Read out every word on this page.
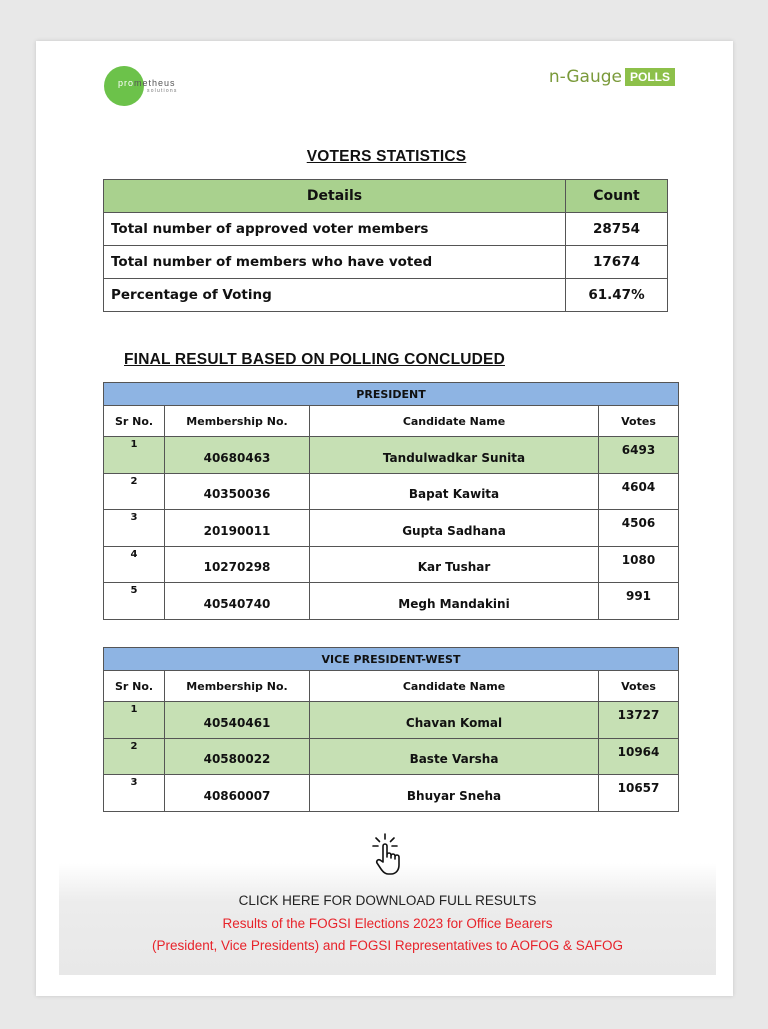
prometheus
solutions
n-Gauge POLLS
VOTERS STATISTICS
Details	Count
Total number of approved voter members	28754
Total number of members who have voted	17674
Percentage of Voting	61.47%
FINAL RESULT BASED ON POLLING CONCLUDED
PRESIDENT			
Sr No.	Membership No.	Candidate Name	Votes
1	40680463	Tandulwadkar Sunita	6493
2	40350036	Bapat Kawita	4604
3	20190011	Gupta Sadhana	4506
4	10270298	Kar Tushar	1080
5	40540740	Megh Mandakini	991
VICE PRESIDENT-WEST			
Sr No.	Membership No.	Candidate Name	Votes
1	40540461	Chavan Komal	13727
2	40580022	Baste Varsha	10964
3	40860007	Bhuyar Sneha	10657
CLICK HERE FOR DOWNLOAD FULL RESULTS
Results of the FOGSI Elections 2023 for Office Bearers
(President, Vice Presidents) and FOGSI Representatives to AOFOG & SAFOG
